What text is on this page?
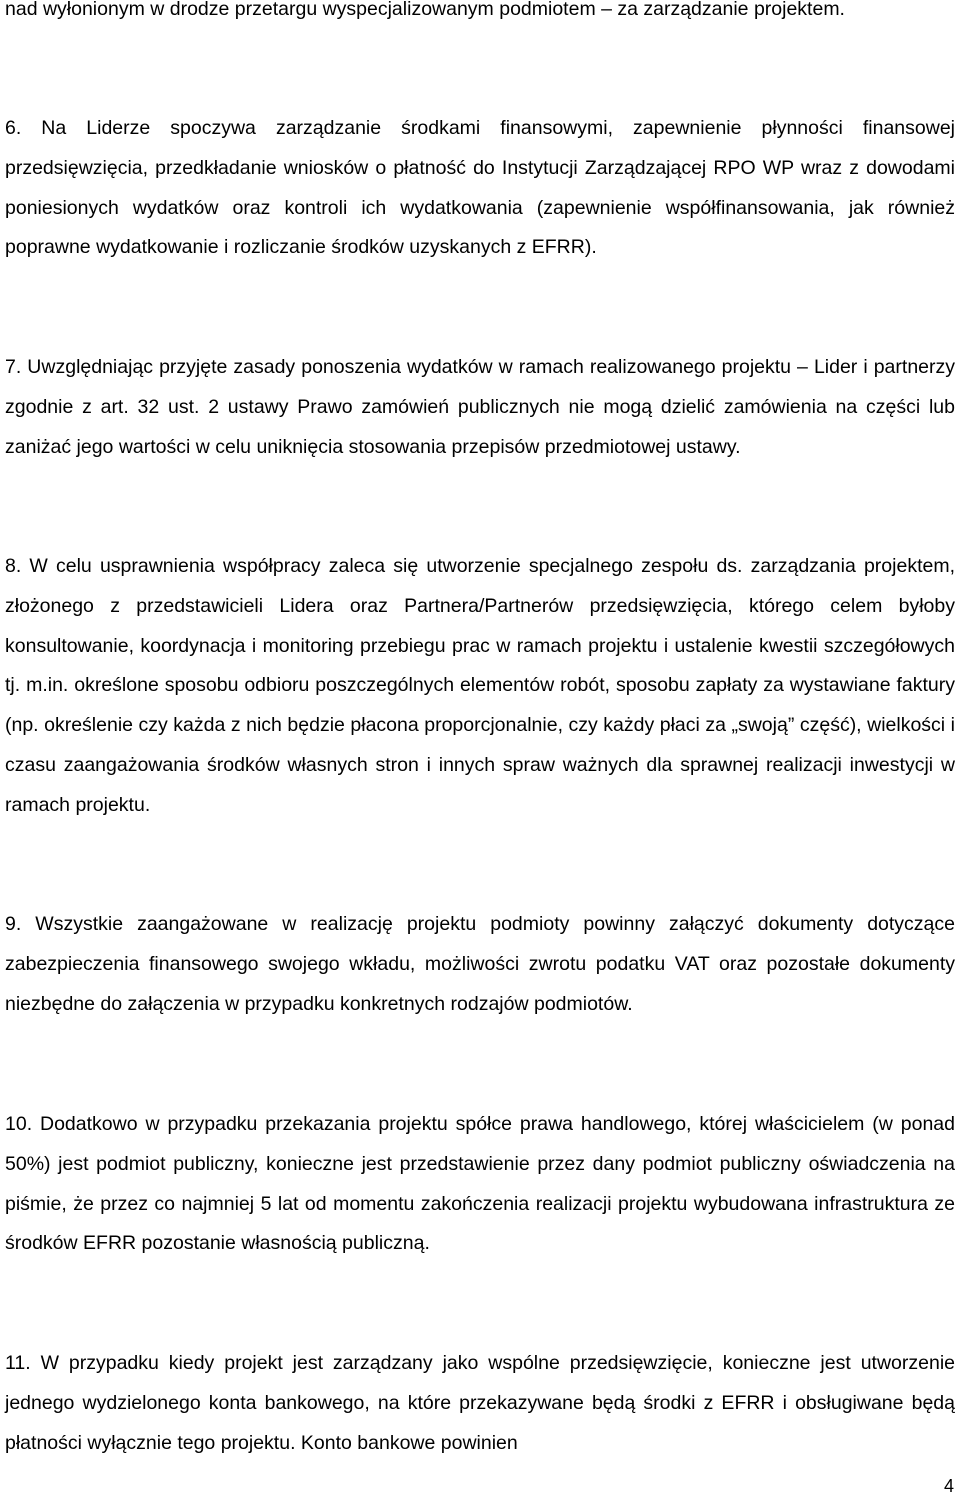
nad wyłonionym w drodze przetargu wyspecjalizowanym podmiotem – za zarządzanie projektem.

6. Na Liderze spoczywa zarządzanie środkami finansowymi, zapewnienie płynności finansowej przedsięwzięcia, przedkładanie wniosków o płatność do Instytucji Zarządzającej RPO WP wraz z dowodami poniesionych wydatków oraz kontroli ich wydatkowania (zapewnienie współfinansowania, jak również poprawne wydatkowanie i rozliczanie środków uzyskanych z EFRR).

7. Uwzględniając przyjęte zasady ponoszenia wydatków w ramach realizowanego projektu – Lider i partnerzy zgodnie z art. 32 ust. 2 ustawy Prawo zamówień publicznych nie mogą dzielić zamówienia na części lub zaniżać jego wartości w celu uniknięcia stosowania przepisów przedmiotowej ustawy.

8. W celu usprawnienia współpracy zaleca się utworzenie specjalnego zespołu ds. zarządzania projektem, złożonego z przedstawicieli Lidera oraz Partnera/Partnerów przedsięwzięcia, którego celem byłoby konsultowanie, koordynacja i monitoring przebiegu prac w ramach projektu i ustalenie kwestii szczegółowych tj. m.in. określone sposobu odbioru poszczególnych elementów robót, sposobu zapłaty za wystawiane faktury (np. określenie czy każda z nich będzie płacona proporcjonalnie, czy każdy płaci za „swoją” część), wielkości i czasu zaangażowania środków własnych stron i innych spraw ważnych dla sprawnej realizacji inwestycji w ramach projektu.

9. Wszystkie zaangażowane w realizację projektu podmioty powinny załączyć dokumenty dotyczące zabezpieczenia finansowego swojego wkładu, możliwości zwrotu podatku VAT oraz pozostałe dokumenty niezbędne do załączenia w przypadku konkretnych rodzajów podmiotów.

10. Dodatkowo w przypadku przekazania projektu spółce prawa handlowego, której właścicielem (w ponad 50%) jest podmiot publiczny, konieczne jest przedstawienie przez dany podmiot publiczny oświadczenia na piśmie, że przez co najmniej 5 lat od momentu zakończenia realizacji projektu wybudowana infrastruktura ze środków EFRR pozostanie własnością publiczną.

11. W przypadku kiedy projekt jest zarządzany jako wspólne przedsięwzięcie, konieczne jest utworzenie jednego wydzielonego konta bankowego, na które przekazywane będą środki z EFRR i obsługiwane będą płatności wyłącznie tego projektu. Konto bankowe powinien

4
